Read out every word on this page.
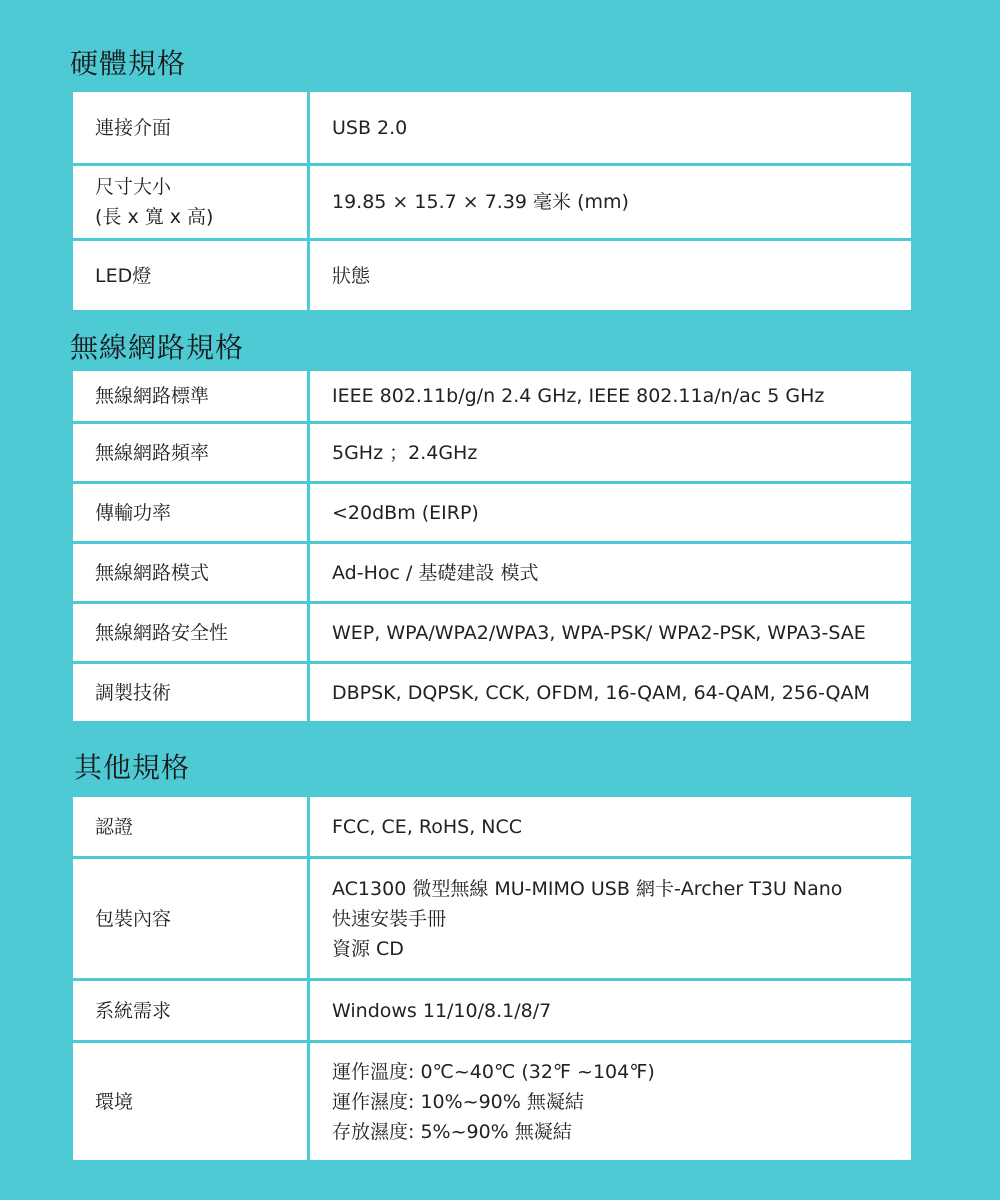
硬體規格
連接介面	USB 2.0

尺寸大小
(長 x 寬 x 高)	19.85 × 15.7 × 7.39 毫米 (mm)

LED燈	狀態
無線網路規格
無線網路標準	IEEE 802.11b/g/n 2.4 GHz, IEEE 802.11a/n/ac 5 GHz

無線網路頻率	5GHz ；2.4GHz

傳輸功率	<20dBm (EIRP)

無線網路模式	Ad-Hoc / 基礎建設 模式

無線網路安全性	WEP, WPA/WPA2/WPA3, WPA-PSK/ WPA2-PSK, WPA3-SAE

調製技術	DBPSK, DQPSK, CCK, OFDM, 16-QAM, 64-QAM, 256-QAM
其他規格
認證	FCC, CE, RoHS, NCC

包裝內容	AC1300 微型無線 MU-MIMO USB 網卡-Archer T3U Nano
快速安裝手冊
資源 CD

系統需求	Windows 11/10/8.1/8/7

環境	運作溫度: 0℃~40℃ (32℉ ~104℉)
運作濕度: 10%~90% 無凝結
存放濕度: 5%~90% 無凝結
